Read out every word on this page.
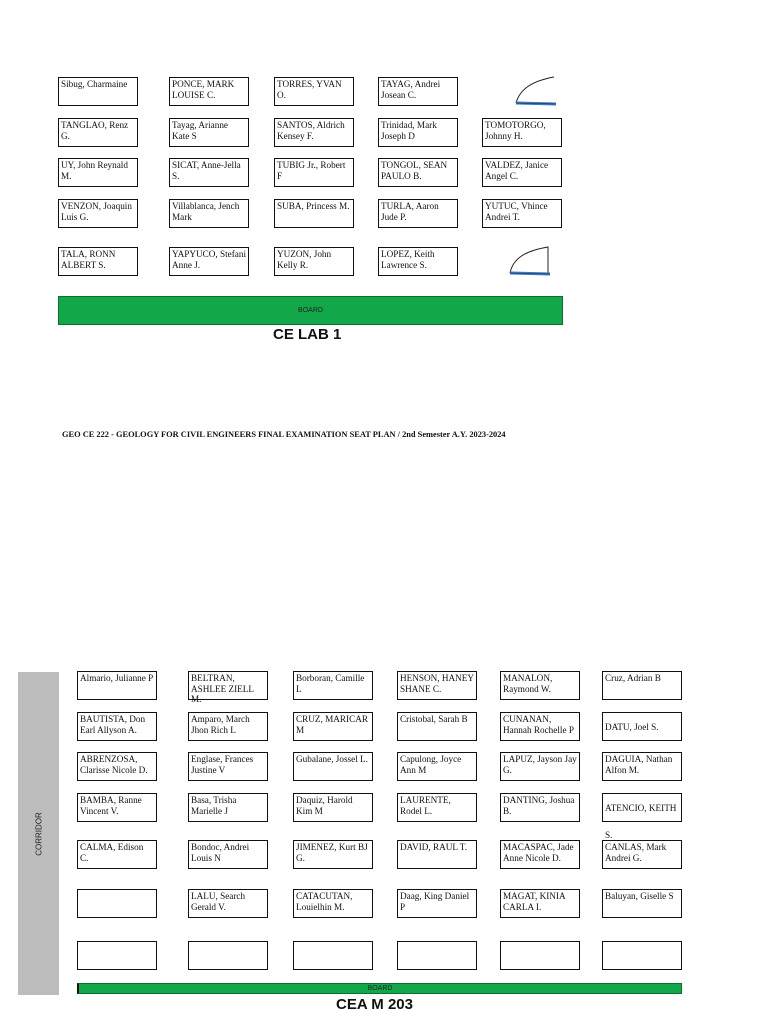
Sibug, Charmaine	PONCE, MARK LOUISE C.
TORRES, YVAN O.
TAYAG, Andrei Josean C.
TANGLAO, Renz G.
Tayag, Arianne Kate S
SANTOS, Aldrich Kensey F.
Trinidad, Mark Joseph D
TOMOTORGO, Johnny H.
UY, John Reynald M.
SICAT, Anne-Jella S.
TUBIG Jr., Robert F
TONGOL, SEAN PAULO B.
VALDEZ, Janice Angel C.
VENZON, Joaquin Luis G.
Villablanca, Jench Mark
SUBA, Princess M.	TURLA, Aaron Jude P.
YUTUC, Vhince Andrei T.
TALA, RONN ALBERT S.
YAPYUCO, Stefani Anne J.
YUZON, John Kelly R.
LOPEZ, Keith Lawrence S.
BOARD
CE LAB 1
GEO CE 222 - GEOLOGY FOR CIVIL ENGINEERS FINAL EXAMINATION SEAT PLAN / 2nd Semester A.Y. 2023-2024
CORRIDOR
Almario, Julianne P	BELTRAN, ASHLEE ZIELL M.
Borboran, Camille L
HENSON, HANEY SHANE C.
MANALON, Raymond W.
Cruz, Adrian B
BAUTISTA, Don Earl Allyson A.
Amparo, March Jhon Rich L
CRUZ, MARICAR M
Cristobal, Sarah B	CUNANAN, Hannah Rochelle P	DATU, Joel S.
ABRENZOSA, Clarisse Nicole D.
Englase, Frances Justine V
Gubalane, Jossel L.	Capulong, Joyce Ann M
LAPUZ, Jayson Jay G.
DAGUIA, Nathan Alfon M.
BAMBA, Ranne Vincent V.
Basa, Trisha Marielle J
Daquiz, Harold Kim M
LAURENTE, Rodel L.
DANTING, Joshua B.	ATENCIO, KEITH S.
CALMA, Edison C.
Bondoc, Andrei Louis N
JIMENEZ, Kurt BJ G.
DAVID, RAUL T.	MACASPAC, Jade Anne Nicole D.
CANLAS, Mark Andrei G.
LALU, Search Gerald V.
CATACUTAN, Louielhin M.
Daag, King Daniel P
MAGAT, KINIA CARLA I.
Baluyan, Giselle S
BOARD
CEA M 203
